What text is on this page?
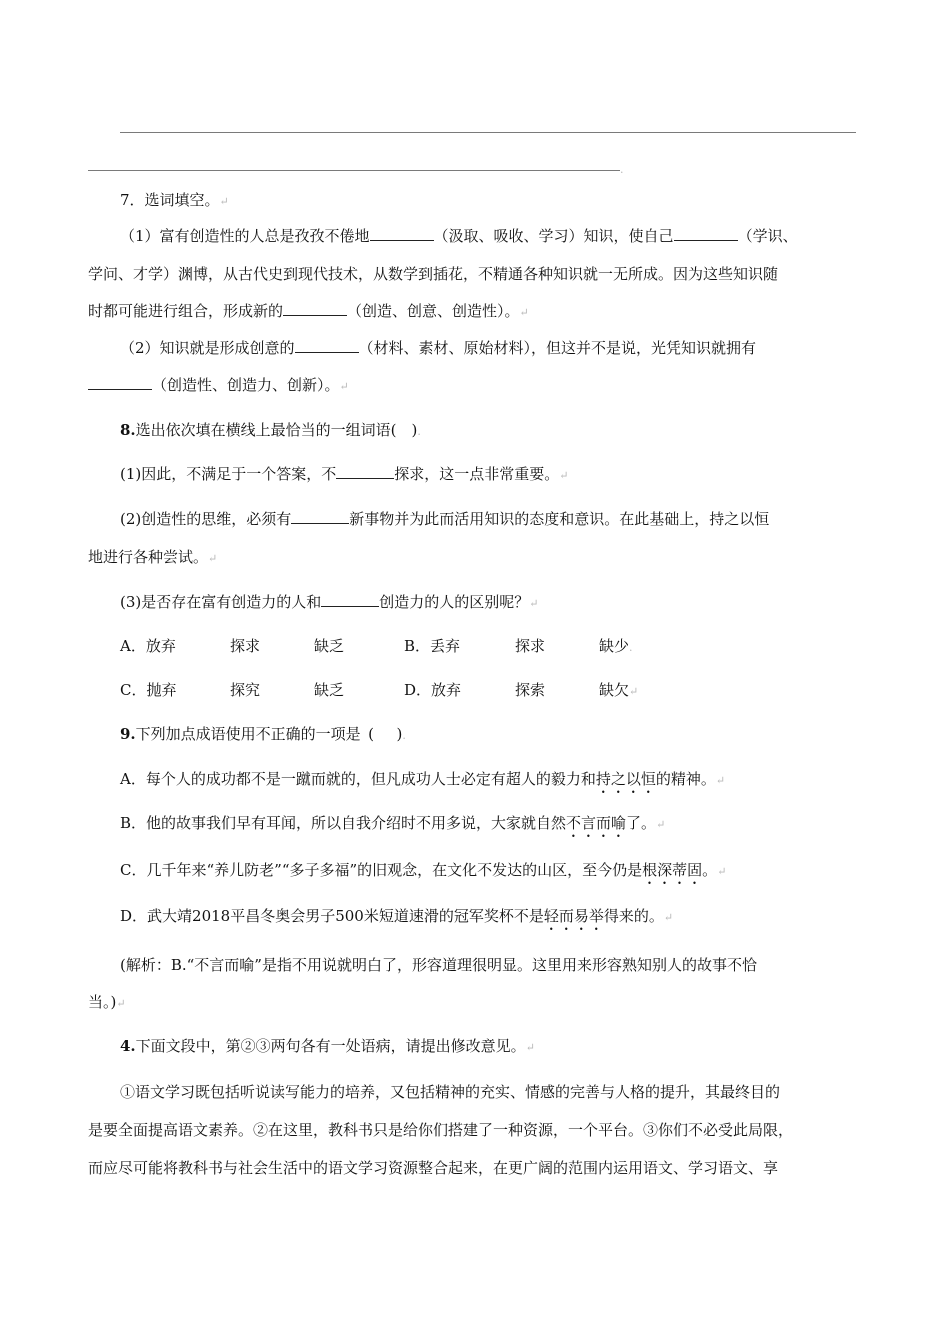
.
7．选词填空。↵
（1）富有创造性的人总是孜孜不倦地	（汲取、吸收、学习）知识，使自己	（学识、
学问、才学）渊博，从古代史到现代技术，从数学到插花，不精通各种知识就一无所成。因为这些知识随
时都可能进行组合，形成新的	（创造、创意、创造性）。↵
（2）知识就是形成创意的	（材料、素材、原始材料），但这并不是说，光凭知识就拥有
（创造性、创造力、创新）。↵
8.选出依次填在横线上最恰当的一组词语(  ).
(1)因此，不满足于一个答案，不	探求，这一点非常重要。↵
(2)创造性的思维，必须有	新事物并为此而活用知识的态度和意识。在此基础上，持之以恒
地进行各种尝试。↵
(3)是否存在富有创造力的人和	创造力的人的区别呢？↵
A．放弃	探求	缺乏	B．丢弃	探求	缺少.
C．抛弃	探究	缺乏	D．放弃	探索	缺欠↵
9.下列加点成语使用不正确的一项是 (   ).
A．每个人的成功都不是一蹴而就的，但凡成功人士必定有超人的毅力和持之以恒的精神。↵
B．他的故事我们早有耳闻，所以自我介绍时不用多说，大家就自然不言而喻了。↵
C．几千年来“养儿防老”“多子多福”的旧观念，在文化不发达的山区，至今仍是根深蒂固。↵
D．武大靖2018平昌冬奥会男子500米短道速滑的冠军奖杯不是轻而易举得来的。↵
(解析：B.“不言而喻”是指不用说就明白了，形容道理很明显。这里用来形容熟知别人的故事不恰
当。)↵
4.下面文段中，第②③两句各有一处语病，请提出修改意见。↵
①语文学习既包括听说读写能力的培养，又包括精神的充实、情感的完善与人格的提升，其最终目的
是要全面提高语文素养。②在这里，教科书只是给你们搭建了一种资源，一个平台。③你们不必受此局限，
而应尽可能将教科书与社会生活中的语文学习资源整合起来，在更广阔的范围内运用语文、学习语文、享
